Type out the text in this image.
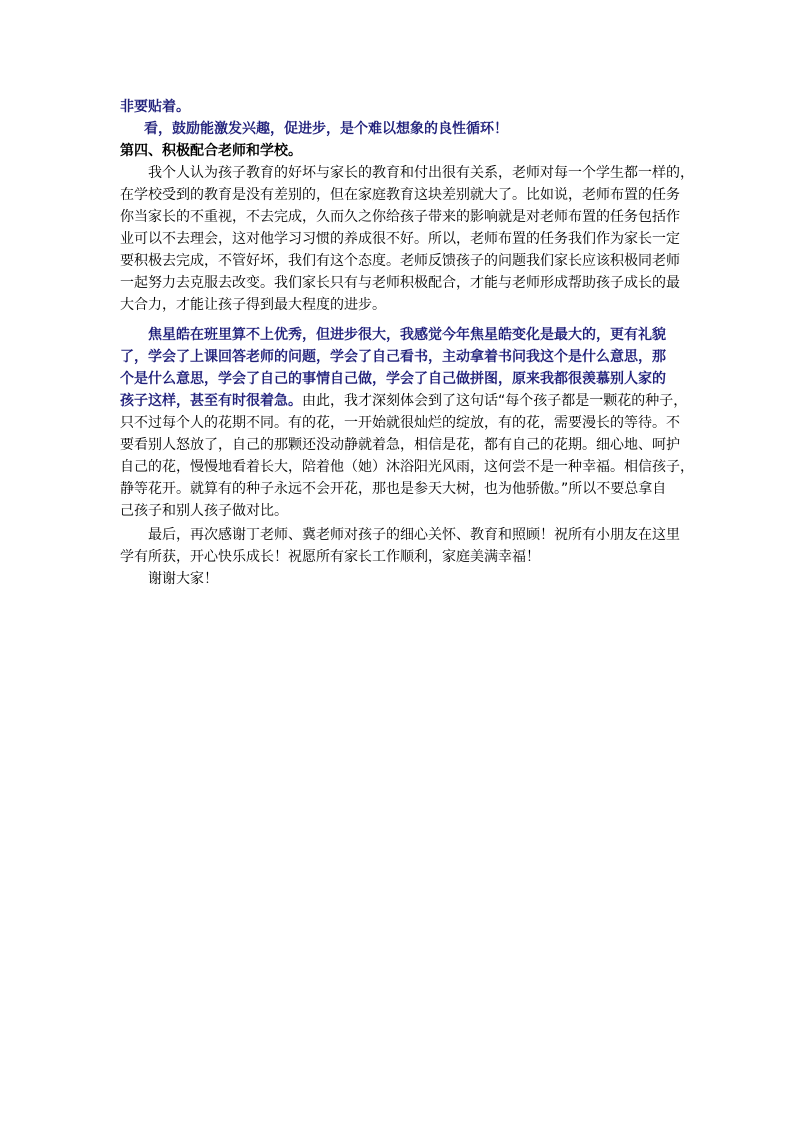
非要贴着。
看，鼓励能激发兴趣，促进步，是个难以想象的良性循环！
第四、积极配合老师和学校。
我个人认为孩子教育的好坏与家长的教育和付出很有关系，老师对每一个学生都一样的，
在学校受到的教育是没有差别的，但在家庭教育这块差别就大了。比如说，老师布置的任务
你当家长的不重视，不去完成，久而久之你给孩子带来的影响就是对老师布置的任务包括作
业可以不去理会，这对他学习习惯的养成很不好。所以，老师布置的任务我们作为家长一定
要积极去完成，不管好坏，我们有这个态度。老师反馈孩子的问题我们家长应该积极同老师
一起努力去克服去改变。我们家长只有与老师积极配合，才能与老师形成帮助孩子成长的最
大合力，才能让孩子得到最大程度的进步。
焦星皓在班里算不上优秀，但进步很大，我感觉今年焦星皓变化是最大的，更有礼貌
了，学会了上课回答老师的问题，学会了自己看书，主动拿着书问我这个是什么意思，那
个是什么意思，学会了自己的事情自己做，学会了自己做拼图，原来我都很羡慕别人家的
孩子这样，甚至有时很着急。由此，我才深刻体会到了这句话“每个孩子都是一颗花的种子，
只不过每个人的花期不同。有的花，一开始就很灿烂的绽放，有的花，需要漫长的等待。不
要看别人怒放了，自己的那颗还没动静就着急，相信是花，都有自己的花期。细心地、呵护
自己的花，慢慢地看着长大，陪着他（她）沐浴阳光风雨，这何尝不是一种幸福。相信孩子，
静等花开。就算有的种子永远不会开花，那也是参天大树，也为他骄傲。”所以不要总拿自
己孩子和别人孩子做对比。
最后，再次感谢丁老师、冀老师对孩子的细心关怀、教育和照顾！祝所有小朋友在这里
学有所获，开心快乐成长！祝愿所有家长工作顺利，家庭美满幸福！
谢谢大家！
